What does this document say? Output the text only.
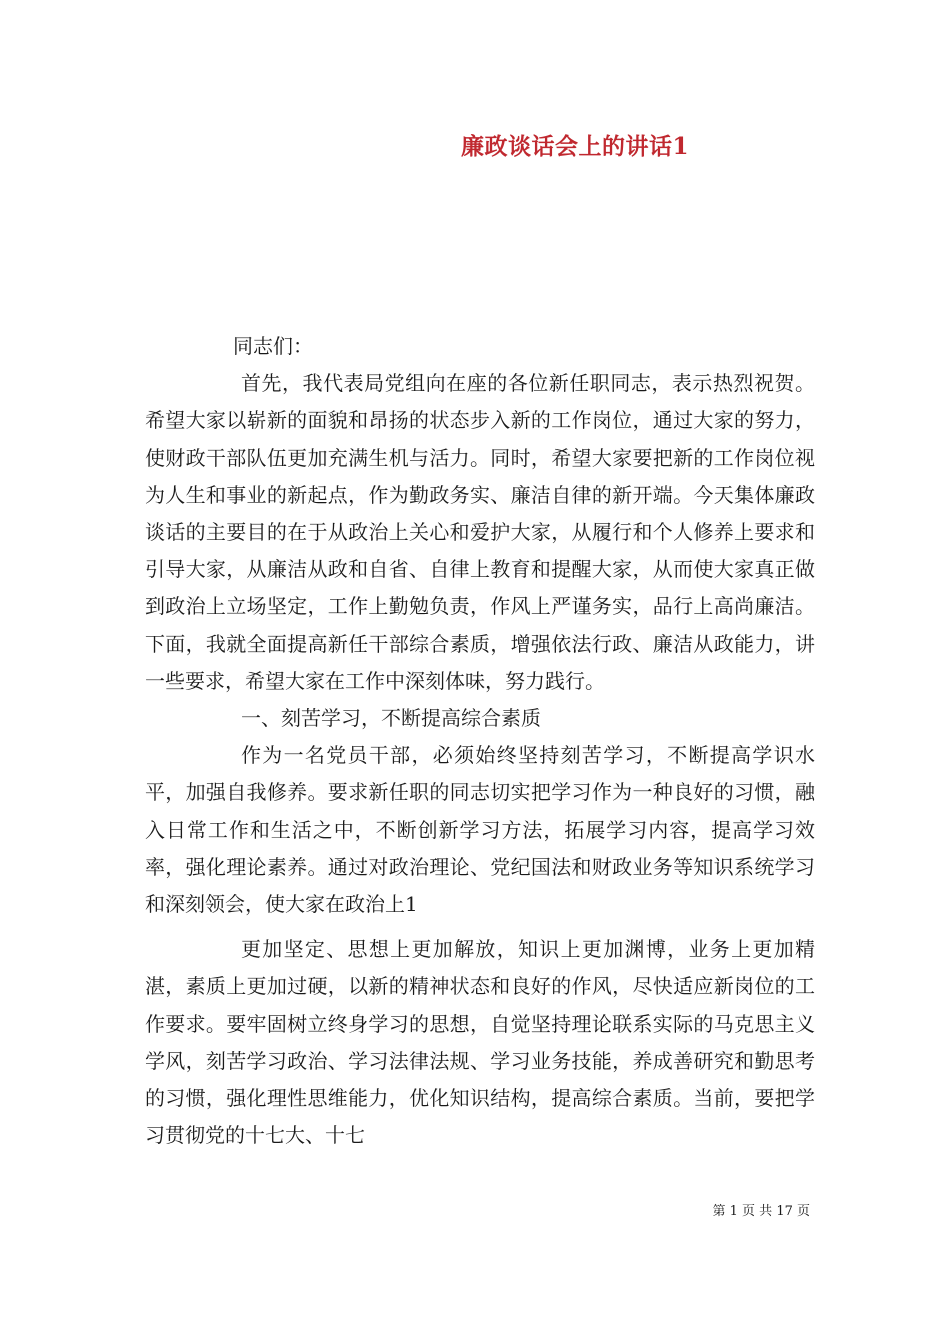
廉政谈话会上的讲话1

同志们：

首先，我代表局党组向在座的各位新任职同志，表示热烈祝贺。希望大家以崭新的面貌和昂扬的状态步入新的工作岗位，通过大家的努力，使财政干部队伍更加充满生机与活力。同时，希望大家要把新的工作岗位视为人生和事业的新起点，作为勤政务实、廉洁自律的新开端。今天集体廉政谈话的主要目的在于从政治上关心和爱护大家，从履行和个人修养上要求和引导大家，从廉洁从政和自省、自律上教育和提醒大家，从而使大家真正做到政治上立场坚定，工作上勤勉负责，作风上严谨务实，品行上高尚廉洁。下面，我就全面提高新任干部综合素质，增强依法行政、廉洁从政能力，讲一些要求，希望大家在工作中深刻体味，努力践行。

一、刻苦学习，不断提高综合素质

作为一名党员干部，必须始终坚持刻苦学习，不断提高学识水平，加强自我修养。要求新任职的同志切实把学习作为一种良好的习惯，融入日常工作和生活之中，不断创新学习方法，拓展学习内容，提高学习效率，强化理论素养。通过对政治理论、党纪国法和财政业务等知识系统学习和深刻领会，使大家在政治上1

更加坚定、思想上更加解放，知识上更加渊博，业务上更加精湛，素质上更加过硬，以新的精神状态和良好的作风，尽快适应新岗位的工作要求。要牢固树立终身学习的思想，自觉坚持理论联系实际的马克思主义学风，刻苦学习政治、学习法律法规、学习业务技能，养成善研究和勤思考的习惯，强化理性思维能力，优化知识结构，提高综合素质。当前，要把学习贯彻党的十七大、十七

第 1 页 共 17 页
